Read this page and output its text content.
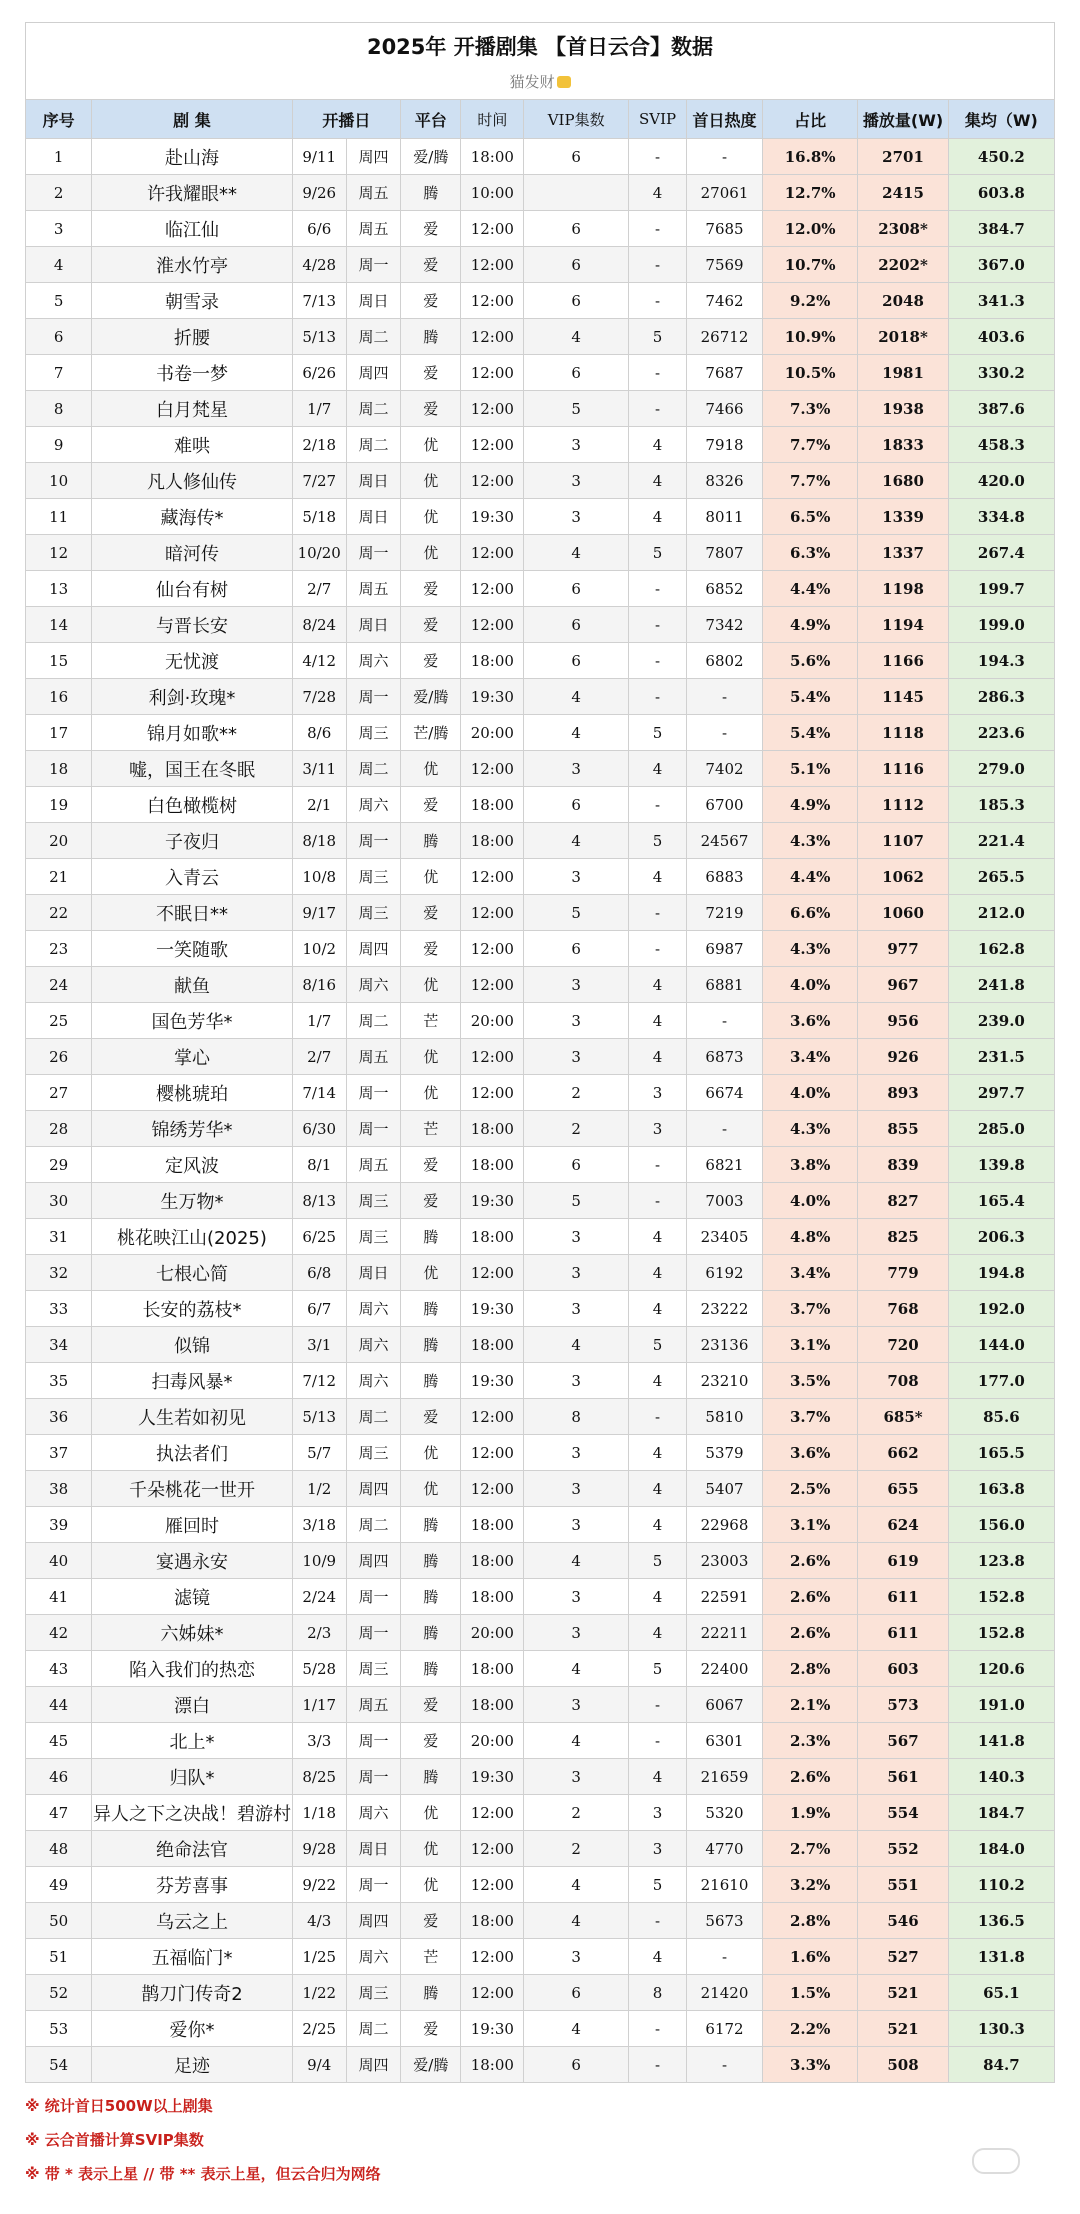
2025年 开播剧集 【首日云合】数据
猫发财
序号	剧 集	开播日		平台	时间	VIP集数	SVIP	首日热度	占比	播放量(W)	集均（W)
1	赴山海	9/11	周四	爱/腾	18:00	6	-	-	16.8%	2701	450.2
2	许我耀眼**	9/26	周五	腾	10:00		4	27061	12.7%	2415	603.8
3	临江仙	6/6	周五	爱	12:00	6	-	7685	12.0%	2308*	384.7
4	淮水竹亭	4/28	周一	爱	12:00	6	-	7569	10.7%	2202*	367.0
5	朝雪录	7/13	周日	爱	12:00	6	-	7462	9.2%	2048	341.3
6	折腰	5/13	周二	腾	12:00	4	5	26712	10.9%	2018*	403.6
7	书卷一梦	6/26	周四	爱	12:00	6	-	7687	10.5%	1981	330.2
8	白月梵星	1/7	周二	爱	12:00	5	-	7466	7.3%	1938	387.6
9	难哄	2/18	周二	优	12:00	3	4	7918	7.7%	1833	458.3
10	凡人修仙传	7/27	周日	优	12:00	3	4	8326	7.7%	1680	420.0
11	藏海传*	5/18	周日	优	19:30	3	4	8011	6.5%	1339	334.8
12	暗河传	10/20	周一	优	12:00	4	5	7807	6.3%	1337	267.4
13	仙台有树	2/7	周五	爱	12:00	6	-	6852	4.4%	1198	199.7
14	与晋长安	8/24	周日	爱	12:00	6	-	7342	4.9%	1194	199.0
15	无忧渡	4/12	周六	爱	18:00	6	-	6802	5.6%	1166	194.3
16	利剑·玫瑰*	7/28	周一	爱/腾	19:30	4	-	-	5.4%	1145	286.3
17	锦月如歌**	8/6	周三	芒/腾	20:00	4	5	-	5.4%	1118	223.6
18	嘘，国王在冬眠	3/11	周二	优	12:00	3	4	7402	5.1%	1116	279.0
19	白色橄榄树	2/1	周六	爱	18:00	6	-	6700	4.9%	1112	185.3
20	子夜归	8/18	周一	腾	18:00	4	5	24567	4.3%	1107	221.4
21	入青云	10/8	周三	优	12:00	3	4	6883	4.4%	1062	265.5
22	不眠日**	9/17	周三	爱	12:00	5	-	7219	6.6%	1060	212.0
23	一笑随歌	10/2	周四	爱	12:00	6	-	6987	4.3%	977	162.8
24	献鱼	8/16	周六	优	12:00	3	4	6881	4.0%	967	241.8
25	国色芳华*	1/7	周二	芒	20:00	3	4	-	3.6%	956	239.0
26	掌心	2/7	周五	优	12:00	3	4	6873	3.4%	926	231.5
27	樱桃琥珀	7/14	周一	优	12:00	2	3	6674	4.0%	893	297.7
28	锦绣芳华*	6/30	周一	芒	18:00	2	3	-	4.3%	855	285.0
29	定风波	8/1	周五	爱	18:00	6	-	6821	3.8%	839	139.8
30	生万物*	8/13	周三	爱	19:30	5	-	7003	4.0%	827	165.4
31	桃花映江山(2025)	6/25	周三	腾	18:00	3	4	23405	4.8%	825	206.3
32	七根心简	6/8	周日	优	12:00	3	4	6192	3.4%	779	194.8
33	长安的荔枝*	6/7	周六	腾	19:30	3	4	23222	3.7%	768	192.0
34	似锦	3/1	周六	腾	18:00	4	5	23136	3.1%	720	144.0
35	扫毒风暴*	7/12	周六	腾	19:30	3	4	23210	3.5%	708	177.0
36	人生若如初见	5/13	周二	爱	12:00	8	-	5810	3.7%	685*	85.6
37	执法者们	5/7	周三	优	12:00	3	4	5379	3.6%	662	165.5
38	千朵桃花一世开	1/2	周四	优	12:00	3	4	5407	2.5%	655	163.8
39	雁回时	3/18	周二	腾	18:00	3	4	22968	3.1%	624	156.0
40	宴遇永安	10/9	周四	腾	18:00	4	5	23003	2.6%	619	123.8
41	滤镜	2/24	周一	腾	18:00	3	4	22591	2.6%	611	152.8
42	六姊妹*	2/3	周一	腾	20:00	3	4	22211	2.6%	611	152.8
43	陷入我们的热恋	5/28	周三	腾	18:00	4	5	22400	2.8%	603	120.6
44	漂白	1/17	周五	爱	18:00	3	-	6067	2.1%	573	191.0
45	北上*	3/3	周一	爱	20:00	4	-	6301	2.3%	567	141.8
46	归队*	8/25	周一	腾	19:30	3	4	21659	2.6%	561	140.3
47	异人之下之决战！碧游村	1/18	周六	优	12:00	2	3	5320	1.9%	554	184.7
48	绝命法官	9/28	周日	优	12:00	2	3	4770	2.7%	552	184.0
49	芬芳喜事	9/22	周一	优	12:00	4	5	21610	3.2%	551	110.2
50	乌云之上	4/3	周四	爱	18:00	4	-	5673	2.8%	546	136.5
51	五福临门*	1/25	周六	芒	12:00	3	4	-	1.6%	527	131.8
52	鹊刀门传奇2	1/22	周三	腾	12:00	6	8	21420	1.5%	521	65.1
53	爱你*	2/25	周二	爱	19:30	4	-	6172	2.2%	521	130.3
54	足迹	9/4	周四	爱/腾	18:00	6	-	-	3.3%	508	84.7
※ 统计首日500W以上剧集
※ 云合首播计算SVIP集数
※ 带 * 表示上星 // 带 ** 表示上星，但云合归为网络
